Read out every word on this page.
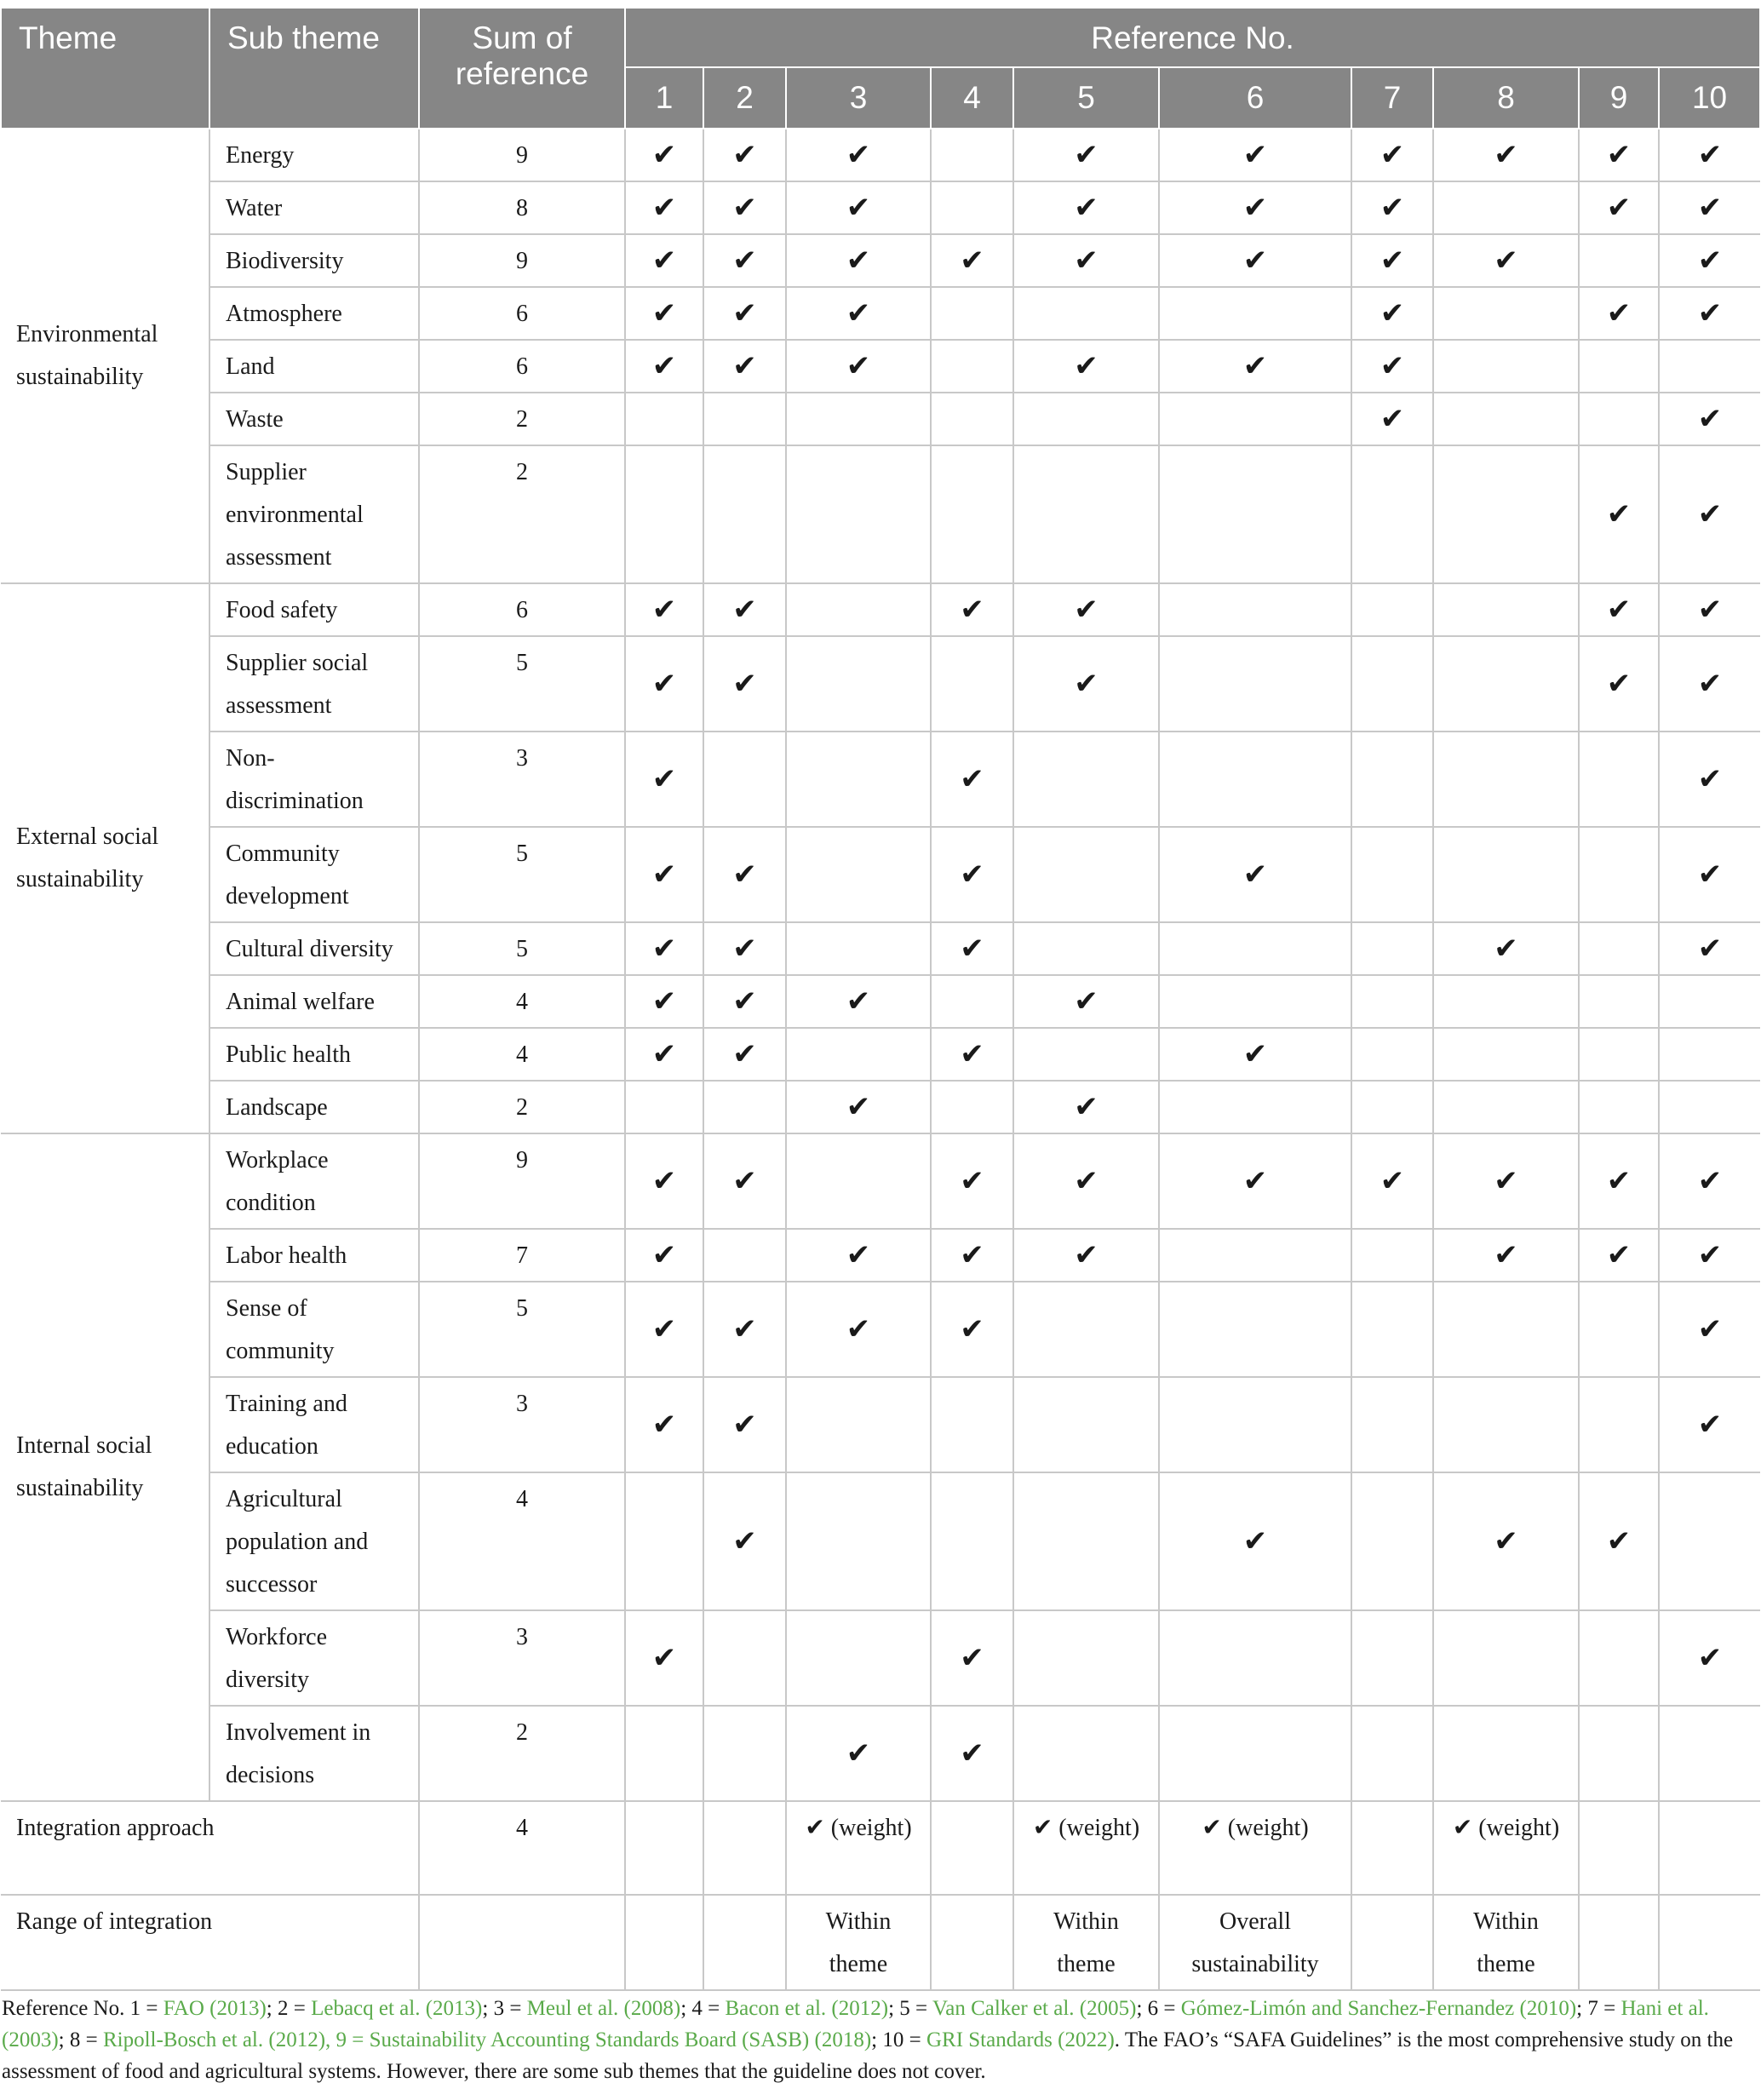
Theme	Sub theme	Sum of reference	Reference No.									
			1	2	3	4	5	6	7	8	9	10
Environmental sustainability	Energy	9	✔	✔	✔		✔	✔	✔	✔	✔	✔
	Water	8	✔	✔	✔		✔	✔	✔		✔	✔
	Biodiversity	9	✔	✔	✔	✔	✔	✔	✔	✔		✔
	Atmosphere	6	✔	✔	✔				✔		✔	✔
	Land	6	✔	✔	✔		✔	✔	✔			
	Waste	2							✔			✔
	Supplier
environmental
assessment	2									✔	✔
External social sustainability	Food safety	6	✔	✔		✔	✔				✔	✔
	Supplier social assessment	5	✔	✔			✔				✔	✔
	Non-
discrimination	3	✔			✔						✔
	Community development	5	✔	✔		✔		✔				✔
	Cultural diversity	5	✔	✔		✔				✔		✔
	Animal welfare	4	✔	✔	✔		✔					
	Public health	4	✔	✔		✔		✔				
	Landscape	2			✔		✔					
Internal social sustainability	Workplace condition	9	✔	✔		✔	✔	✔	✔	✔	✔	✔
	Labor health	7	✔		✔	✔	✔			✔	✔	✔
	Sense of
community	5	✔	✔	✔	✔						✔
	Training and education	3	✔	✔								✔
	Agricultural
population and
successor	4		✔				✔		✔	✔	
	Workforce
diversity	3	✔			✔						✔
	Involvement in decisions	2			✔	✔						
Integration approach		4			✔ (weight)		✔ (weight)	✔ (weight)		✔ (weight)		
Range of integration					Within theme		Within theme	Overall sustainability		Within theme		
Reference No. 1 = FAO (2013); 2 = Lebacq et al. (2013); 3 = Meul et al. (2008); 4 = Bacon et al. (2012); 5 = Van Calker et al. (2005); 6 = Gómez-Limón and Sanchez-Fernandez (2010); 7 = Hani et al. (2003); 8 = Ripoll-Bosch et al. (2012), 9 = Sustainability Accounting Standards Board (SASB) (2018); 10 = GRI Standards (2022). The FAO’s “SAFA Guidelines” is the most comprehensive study on the assessment of food and agricultural systems. However, there are some sub themes that the guideline does not cover.
